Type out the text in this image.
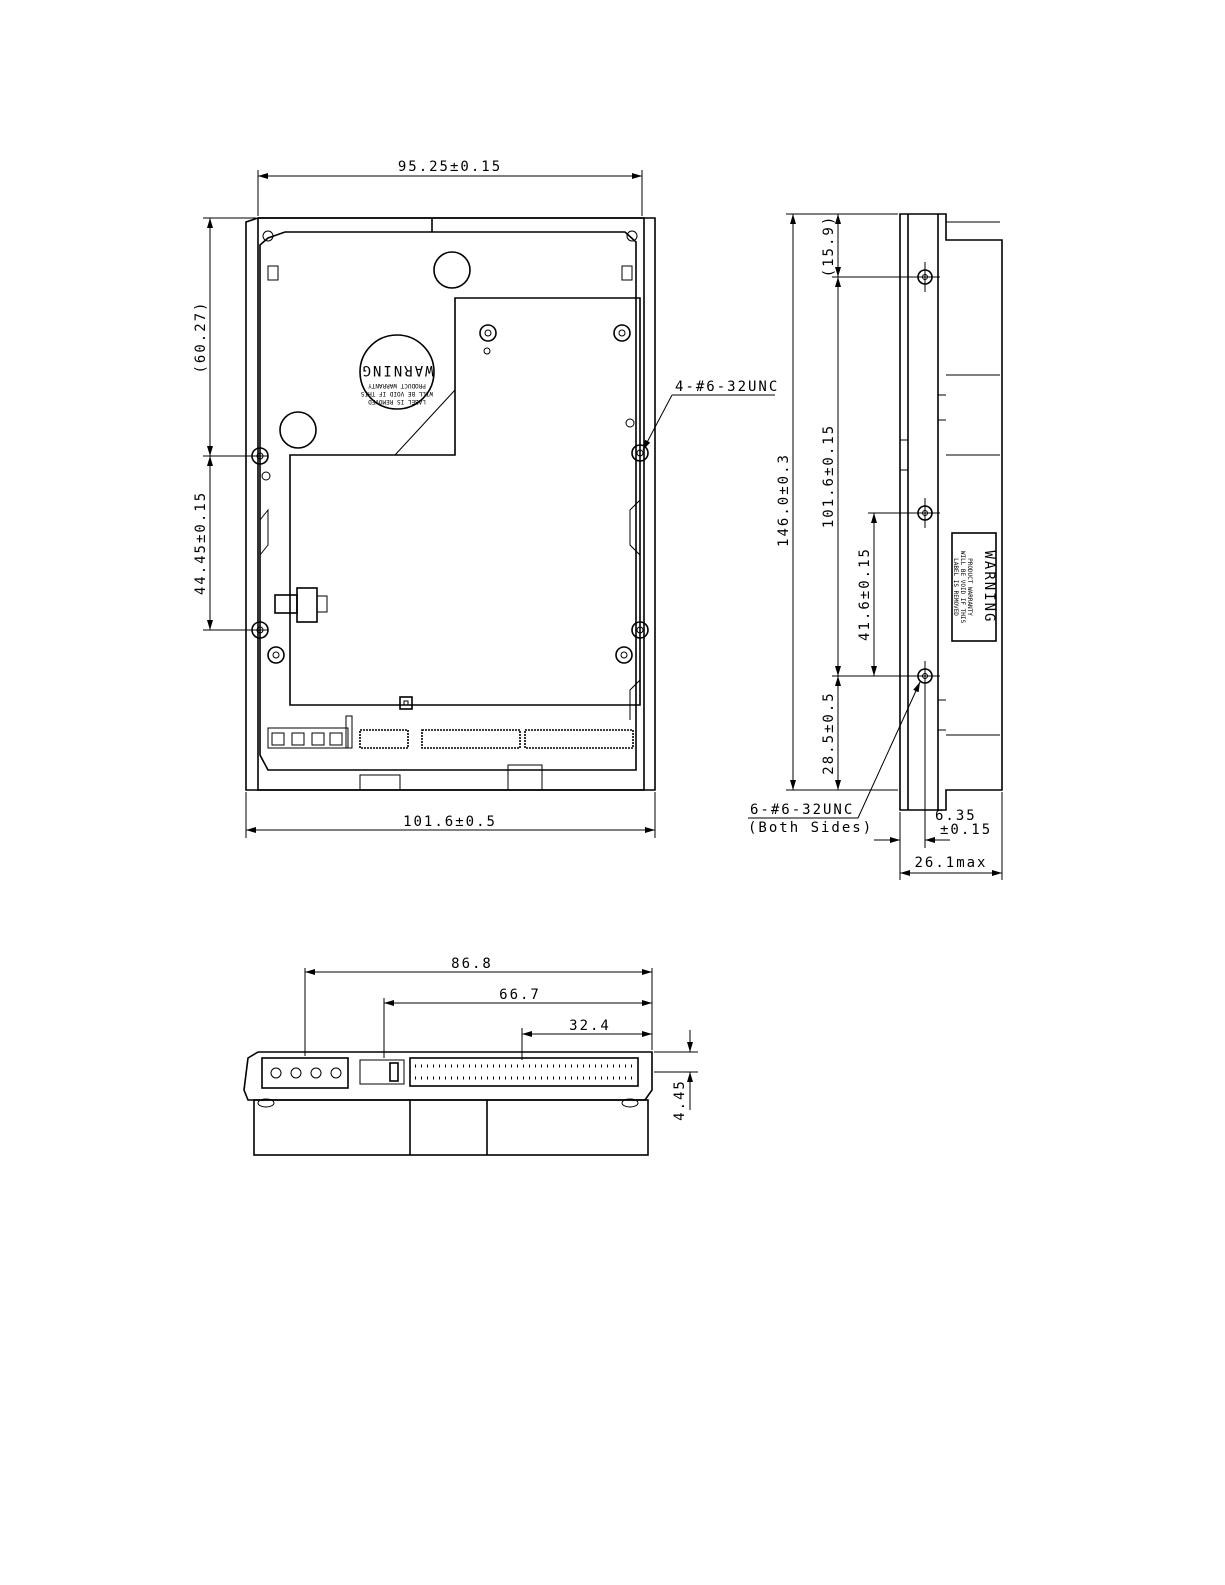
WARNING
PRODUCT WARRANTY
WILL BE VOID IF THIS
LABEL IS REMOVED
95.25±0.15
(60.27)
44.45±0.15
101.6±0.5
4-#6-32UNC
WARNING
PRODUCT WARRANTY
WILL BE VOID IF THIS
LABEL IS REMOVED
146.0±0.3
(15.9)
101.6±0.15
41.6±0.15
28.5±0.5
6-#6-32UNC
(Both Sides)
6.35
±0.15
26.1max
86.8
66.7
32.4
4.45
